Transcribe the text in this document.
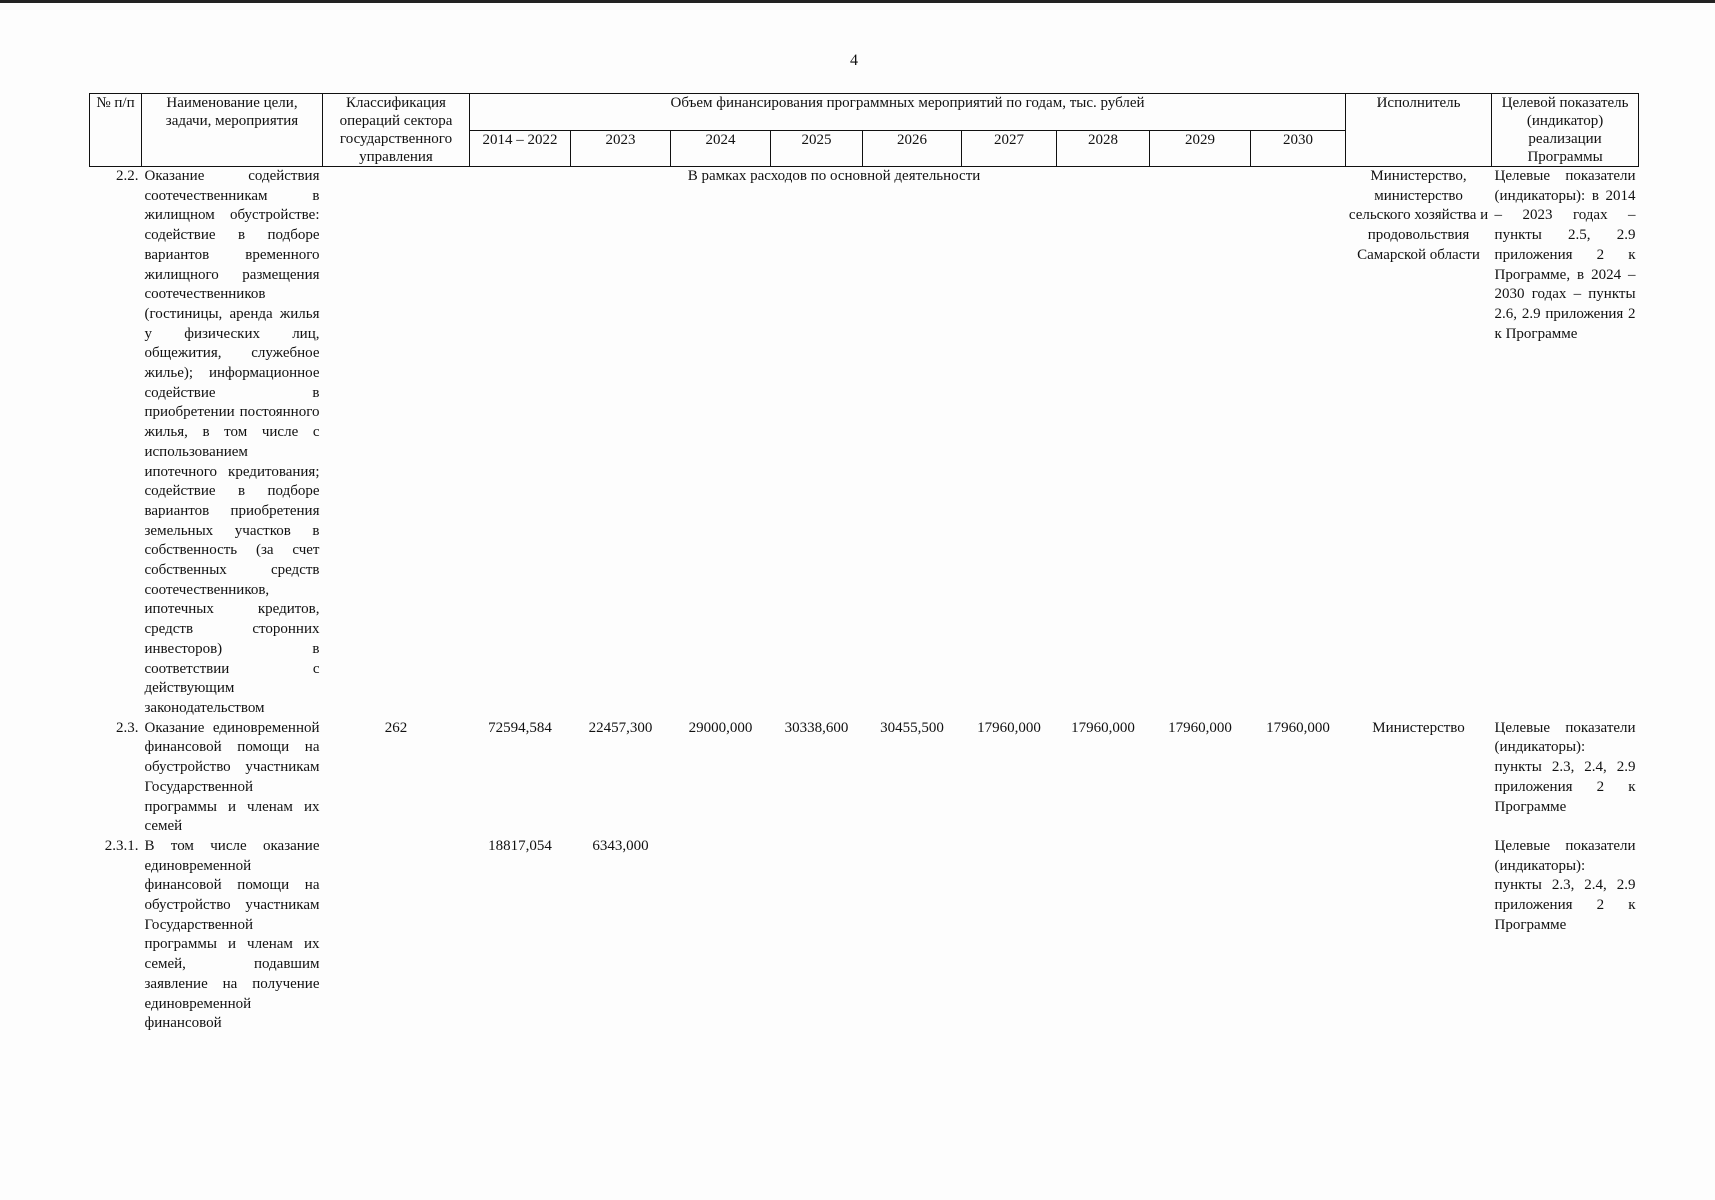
4
№ п/п	Наименование цели, задачи, мероприятия	Классификация операций сектора государственного управления	Объем финансирования программных мероприятий по годам, тыс. рублей									Исполнитель	Целевой показатель (индикатор) реализации Программы
			2014 – 2022	2023	2024	2025	2026	2027	2028	2029	2030		
2.2.	Оказание содействия соотечественникам в жилищном обустройстве: содействие в подборе вариантов временного жилищного размещения соотечественников (гостиницы, аренда жилья у физических лиц, общежития, служебное жилье); информационное содействие в приобретении постоянного жилья, в том числе с использованием ипотечного кредитования; содействие в подборе вариантов приобретения земельных участков в собственность (за счет собственных средств соотечественников, ипотечных кредитов, средств сторонних инвесторов) в соответствии с действующим законодательством	В рамках расходов по основной деятельности										Министерство, министерство сельского хозяйства и продовольствия Самарской области	Целевые показатели (индикаторы): в 2014 – 2023 годах – пункты 2.5, 2.9 приложения 2 к Программе, в 2024 – 2030 годах – пункты 2.6, 2.9 приложения 2 к Программе
2.3.	Оказание единовременной финансовой помощи на обустройство участникам Государственной программы и членам их семей	262	72594,584	22457,300	29000,000	30338,600	30455,500	17960,000	17960,000	17960,000	17960,000	Министерство	Целевые показатели (индикаторы): пункты 2.3, 2.4, 2.9 приложения 2 к Программе
2.3.1.	В том числе оказание единовременной финансовой помощи на обустройство участникам Государственной программы и членам их семей, подавшим заявление на получение единовременной финансовой		18817,054	6343,000									Целевые показатели (индикаторы): пункты 2.3, 2.4, 2.9 приложения 2 к Программе
